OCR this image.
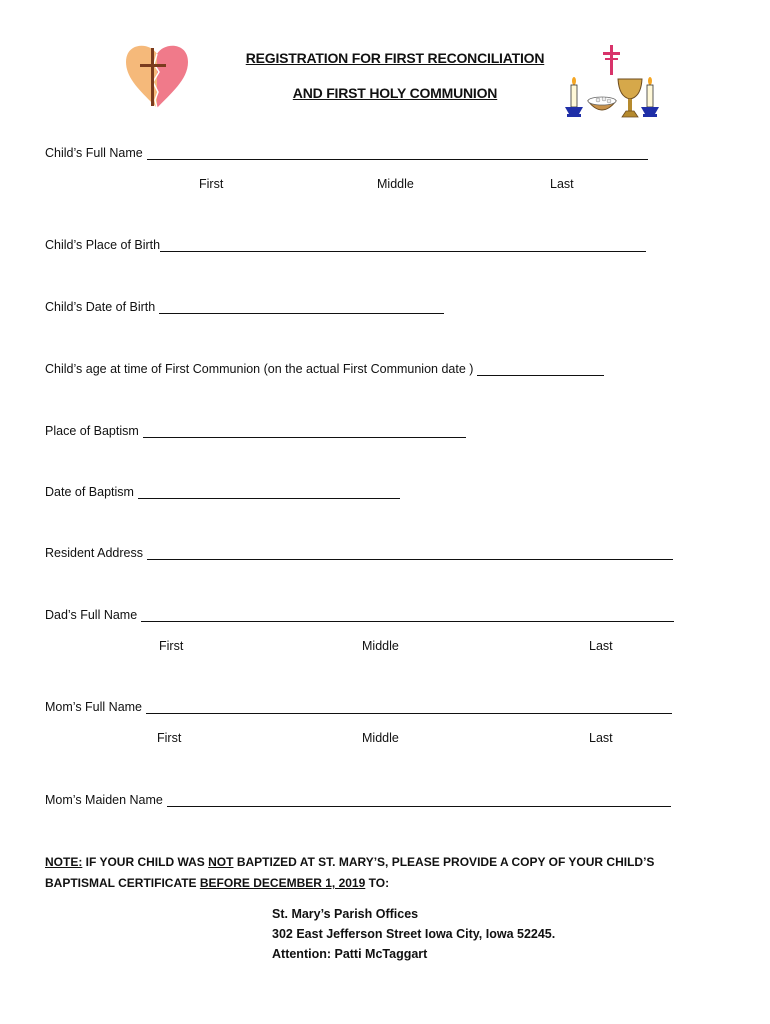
REGISTRATION FOR FIRST RECONCILIATION
AND FIRST HOLY COMMUNION
Child’s Full Name
First	Middle	Last
Child’s Place of Birth
Child’s Date of Birth
Child’s age at time of First Communion (on the actual First Communion date )
Place of Baptism
Date of Baptism
Resident Address
Dad’s Full Name
First	Middle	Last
Mom’s Full Name
First	Middle	Last
Mom’s Maiden Name
NOTE: IF YOUR CHILD WAS NOT BAPTIZED AT ST. MARY’S, PLEASE PROVIDE A COPY OF YOUR CHILD’S BAPTISMAL CERTIFICATE BEFORE DECEMBER 1, 2019 TO:
St. Mary’s Parish Offices
302 East Jefferson Street Iowa City, Iowa 52245.
Attention: Patti McTaggart
